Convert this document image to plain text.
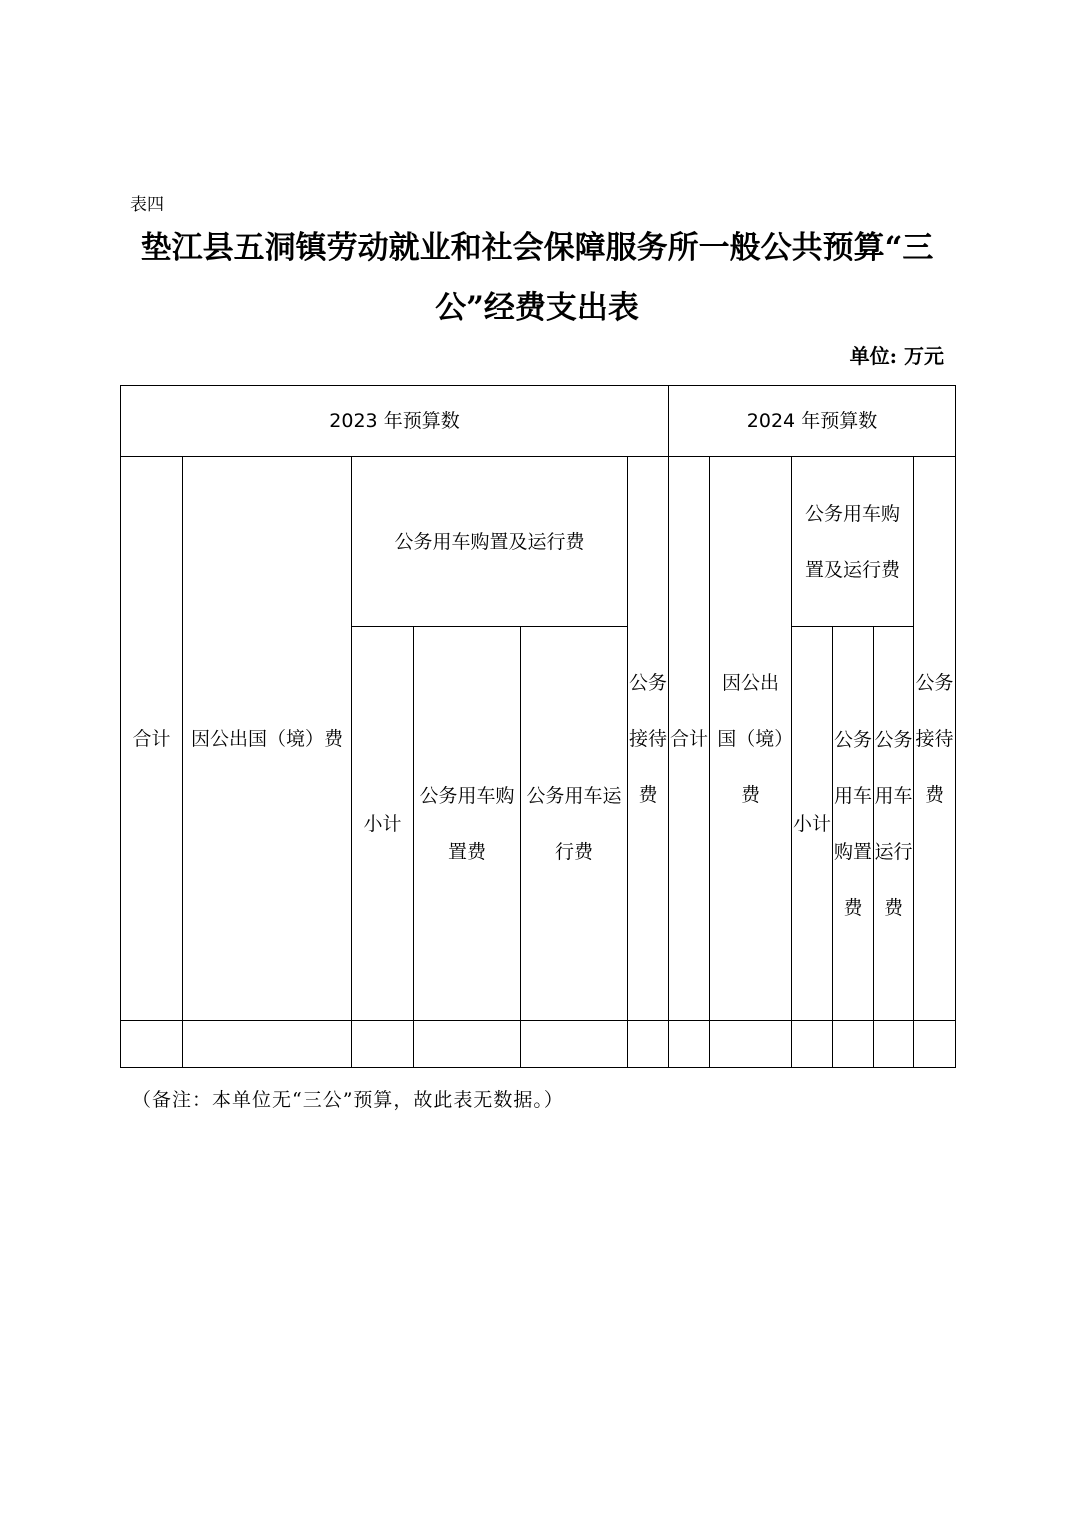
表四
垫江县五洞镇劳动就业和社会保障服务所一般公共预算“三公”经费支出表
单位: 万元
2023 年预算数						2024 年预算数					
合计	因公出国（境）费	公务用车购置及运行费			公务接待费	合计	因公出国（境）费	公务用车购置及运行费			公务接待费
		小计	公务用车购置费	公务用车运行费				小计	公务用车购置费	公务用车运行费	

（备注：本单位无“三公”预算，故此表无数据。）
